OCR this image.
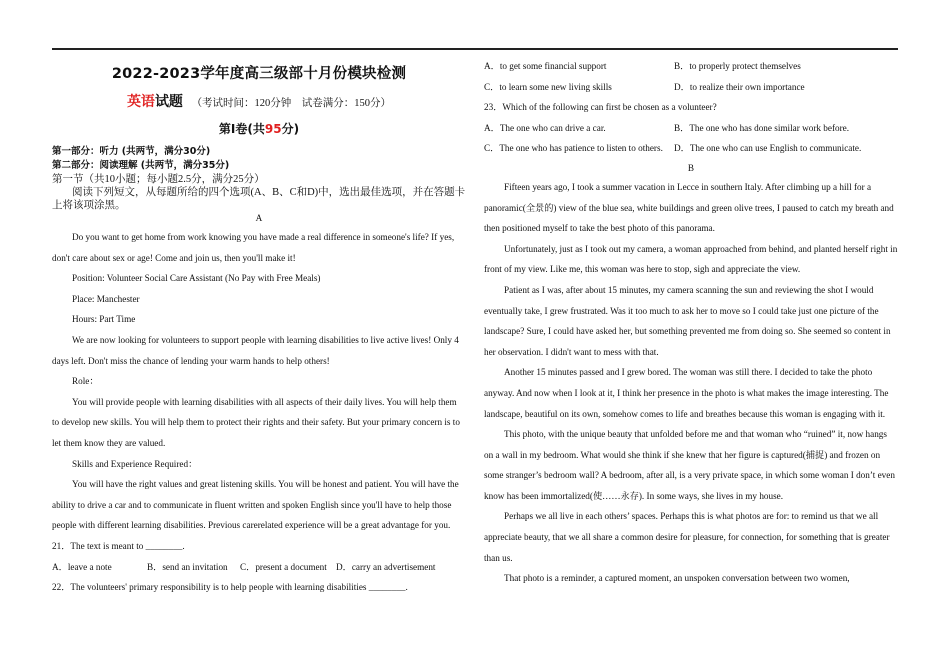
2022-2023学年度高三级部十月份模块检测
英语试题 （考试时间：120分钟　试卷满分：150分）
第Ⅰ卷(共95分)
第一部分：听力 (共两节，满分30分)
第二部分：阅读理解 (共两节，满分35分)
第一节（共10小题；每小题2.5分，满分25分）
阅读下列短文，从每题所给的四个选项(A、B、C和D)中，选出最佳选项，并在答题卡上将该项涂黑。
A

Do you want to get home from work knowing you have made a real difference in someone's life? If yes, don't care about sex or age! Come and join us, then you'll make it!

Position: Volunteer Social Care Assistant (No Pay with Free Meals)

Place: Manchester

Hours: Part Time

We are now looking for volunteers to support people with learning disabilities to live active lives! Only 4 days left. Don't miss the chance of lending your warm hands to help others!

Role：

You will provide people with learning disabilities with all aspects of their daily lives. You will help them to develop new skills. You will help them to protect their rights and their safety. But your primary concern is to let them know they are valued.

Skills and Experience Required：

You will have the right values and great listening skills. You will be honest and patient. You will have the ability to drive a car and to communicate in fluent written and spoken English since you'll have to help those people with different learning disabilities. Previous carerelated experience will be a great advantage for you.

21．The text is meant to ________.
A．leave a note	B．send an invitation	C．present a document	D．carry an advertisement
22．The volunteers' primary responsibility is to help people with learning disabilities ________.
A．to get some financial support	B．to properly protect themselves
C．to learn some new living skills	D．to realize their own importance
23．Which of the following can first be chosen as a volunteer?
A．The one who can drive a car.	B．The one who has done similar work before.
C．The one who has patience to listen to others.	D．The one who can use English to communicate.
B

Fifteen years ago, I took a summer vacation in Lecce in southern Italy. After climbing up a hill for a panoramic(全景的) view of the blue sea, white buildings and green olive trees, I paused to catch my breath and then positioned myself to take the best photo of this panorama.

Unfortunately, just as I took out my camera, a woman approached from behind, and planted herself right in front of my view. Like me, this woman was here to stop, sigh and appreciate the view.

Patient as I was, after about 15 minutes, my camera scanning the sun and reviewing the shot I would eventually take, I grew frustrated. Was it too much to ask her to move so I could take just one picture of the landscape? Sure, I could have asked her, but something prevented me from doing so. She seemed so content in her observation. I didn't want to mess with that.

Another 15 minutes passed and I grew bored. The woman was still there. I decided to take the photo anyway. And now when I look at it, I think her presence in the photo is what makes the image interesting. The landscape, beautiful on its own, somehow comes to life and breathes because this woman is engaging with it.

This photo, with the unique beauty that unfolded before me and that woman who “ruined” it, now hangs on a wall in my bedroom. What would she think if she knew that her figure is captured(捕捉) and frozen on some stranger’s bedroom wall? A bedroom, after all, is a very private space, in which some woman I don’t even know has been immortalized(使……永存). In some ways, she lives in my house.

Perhaps we all live in each others’ spaces. Perhaps this is what photos are for: to remind us that we all appreciate beauty, that we all share a common desire for pleasure, for connection, for something that is greater than us.

That photo is a reminder, a captured moment, an unspoken conversation between two women,
